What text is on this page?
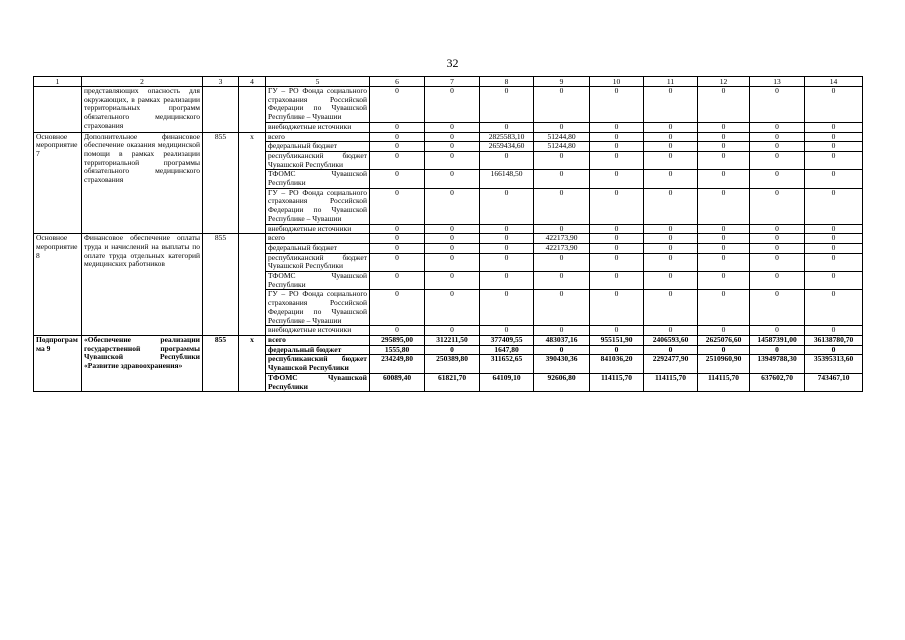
32
1	2	3	4	5	6	7	8	9	10	11	12	13	14
	представляющих опасность для окружающих, в рамках реализации территориальных программ обязательного медицинского страхования			ГУ – РО Фонда социального страхования Российской Федерации по Чувашской Республике – Чувашии	0	0	0	0	0	0	0	0	0
				внебюджетные источники	0	0	0	0	0	0	0	0	0
Основное мероприятие 7	Дополнительное финансовое обеспечение оказания медицинской помощи в рамках реализации территориальной программы обязательного медицинского страхования	855	х	всего	0	0	2825583,10	51244,80	0	0	0	0	0
				федеральный бюджет	0	0	2659434,60	51244,80	0	0	0	0	0
				республиканский бюджет Чувашской Республики	0	0	0	0	0	0	0	0	0
				ТФОМС Чувашской Республики	0	0	166148,50	0	0	0	0	0	0
				ГУ – РО Фонда социального страхования Российской Федерации по Чувашской Республике – Чувашии	0	0	0	0	0	0	0	0	0
				внебюджетные источники	0	0	0	0	0	0	0	0	0
Основное мероприятие 8	Финансовое обеспечение оплаты труда и начислений на выплаты по оплате труда отдельных категорий медицинских работников	855		всего	0	0	0	422173,90	0	0	0	0	0
				федеральный бюджет	0	0	0	422173,90	0	0	0	0	0
				республиканский бюджет Чувашской Республики	0	0	0	0	0	0	0	0	0
				ТФОМС Чувашской Республики	0	0	0	0	0	0	0	0	0
				ГУ – РО Фонда социального страхования Российской Федерации по Чувашской Республике – Чувашии	0	0	0	0	0	0	0	0	0
				внебюджетные источники	0	0	0	0	0	0	0	0	0
Подпрограмма 9	«Обеспечение реализации государственной программы Чувашской Республики «Развитие здравоохранения»	855	х	всего	295895,00	312211,50	377409,55	483037,16	955151,90	2406593,60	2625076,60	14587391,00	36138780,70
				федеральный бюджет	1555,80	0	1647,80	0	0	0	0	0	0
				республиканский бюджет Чувашской Республики	234249,80	250389,80	311652,65	390430,36	841036,20	2292477,90	2510960,90	13949788,30	35395313,60
				ТФОМС Чувашской Республики	60089,40	61821,70	64109,10	92606,80	114115,70	114115,70	114115,70	637602,70	743467,10
